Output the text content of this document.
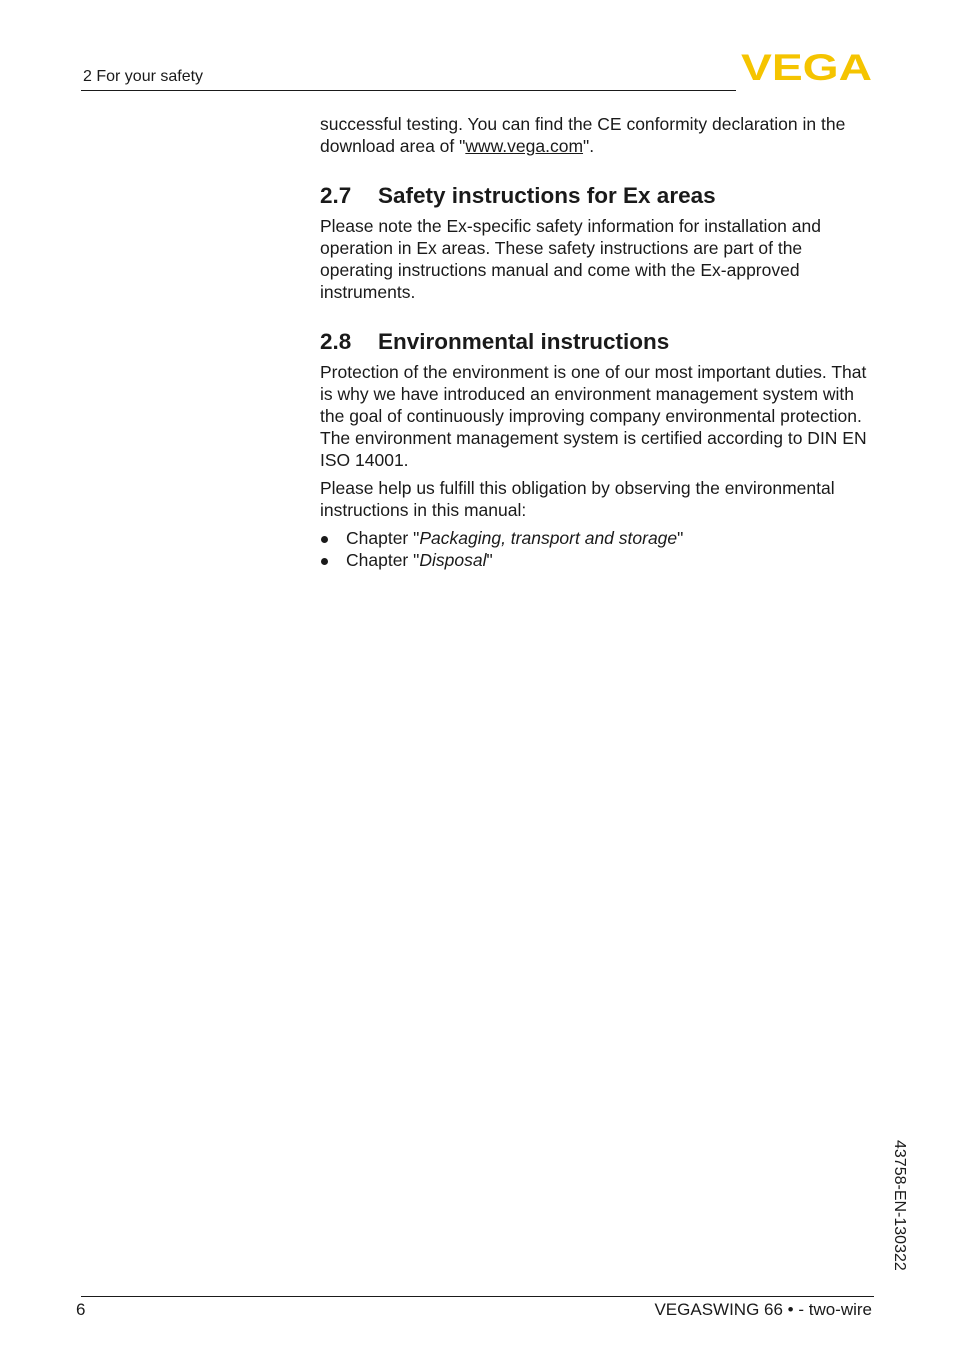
2 For your safety	VEGA

successful testing. You can find the CE conformity declaration in the download area of "www.vega.com".

2.7 Safety instructions for Ex areas

Please note the Ex-specific safety information for installation and operation in Ex areas. These safety instructions are part of the operating instructions manual and come with the Ex-approved instruments.

2.8 Environmental instructions

Protection of the environment is one of our most important duties. That is why we have introduced an environment management system with the goal of continuously improving company environmental protection. The environment management system is certified according to DIN EN ISO 14001.

Please help us fulfill this obligation by observing the environmental instructions in this manual:

Chapter "Packaging, transport and storage"
Chapter "Disposal"
43758-EN-130322
6	VEGASWING 66 • - two-wire
